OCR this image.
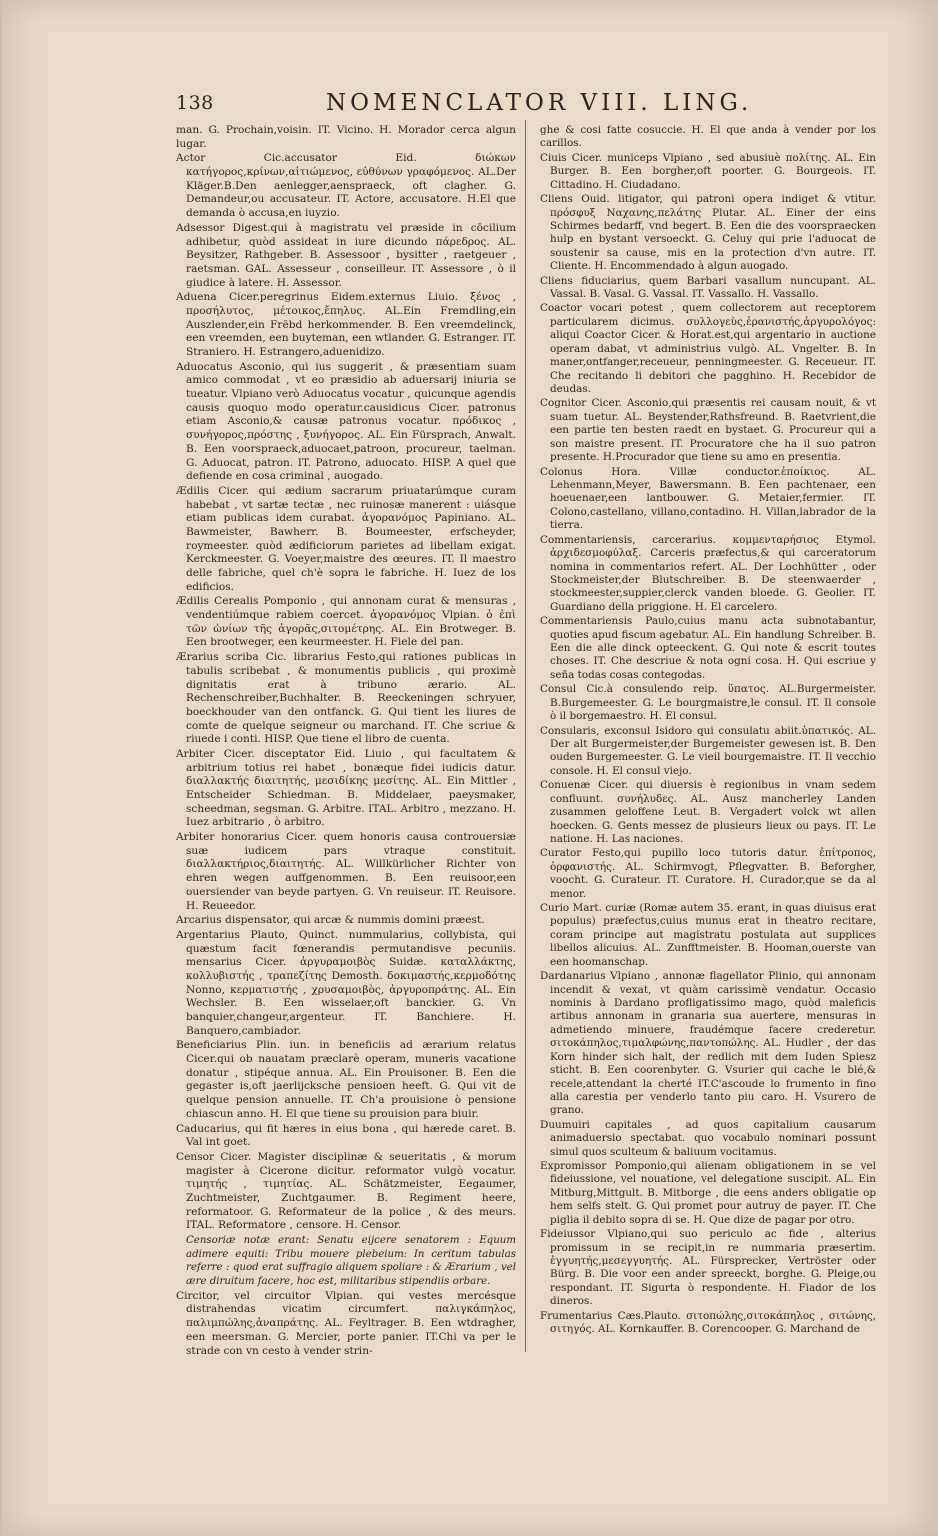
138	NOMENCLATOR VIII. LING.

man. G. Prochain,voisin. IT. Vicino. H. Morador cerca algun lugar.

Actor Cic.accusator Eid. διώκων κατήγορος,κρίνων,αἰτιώμενος, εὐθύνων γραφόμενος. AL.Der Kläger.B.Den aenlegger,aensprаeck, oft clagher. G. Demandeur,ou accusateur. IT. Actore, accusatore. H.El que demanda ò accusa,en iuyzio.

Adsessor Digest.qui à magistratu vel præside in cōcilium adhibetur, quòd assideat in iure dicundo πάρεδρος. AL. Beysitzer, Rathgeber. B. Assessoor , bysitter , raetgeuer , raetsman. GAL. Assesseur , conseilleur. IT. Assessore , ò il giudice à latere. H. Assessor.

Aduena Cicer.peregrinus Eidem.externus Liuio. ξένος , προσήλυτος, μέτοικος,ἔπηλυς. AL.Ein Fremdling,ein Auszlender,ein Frēbd herkommender. B. Een vreemdelinck, een vreemden, een buyteman, een wtlander. G. Estranger. IT. Straniero. H. Estrangero,aduenidizo.

Aduocatus Asconio, qui ius suggerit , & præsentiam suam amico commodat , vt eo præsidio ab aduersarij iniuria se tueatur. Vlpiano verò Aduocatus vocatur , quicunque agendis causis quoquo modo operatur.causidicus Cicer. patronus etiam Asconio,& causæ patronus vocatur. πρόδικος , συνήγορος,πρόστης , ξυνήγορος. AL. Ein Fürsprach, Anwalt. B. Een voorspraeck,aduocaet,patroon, procureur, taelman. G. Aduocat, patron. IT. Patrono, aduocato. HISP. A quel que defiende en cosa criminal , auogado.

Ædilis Cicer. qui ædium sacrarum priuatarúmque curam habebat , vt sartæ tectæ , nec ruinosæ manerent : uiásque etiam publicas idem curabat. ἀγορανόμος Papiniano. AL. Bawmeister, Bawherr. B. Boumeester, erfscheyder, roymeester. quòd ædificiorum parietes ad libellam exigat. Kerckmeester. G. Voeyer,maistre des œeures. IT. Il maestro delle fabriche, quel ch'è sopra le fabriche. H. Iuez de los edificios.

Ædilis Cerealis Pomponio , qui annonam curat & mensuras , vendentiúmque rabiem coercet. ἀγορανόμος Vlpian. ὁ ἐπὶ τῶν ὠνίων τῆς ἀγορᾶς,σιτομέτρης. AL. Ein Brotweger. B. Een brootweger, een keurmeester. H. Fiele del pan.

Ærarius scriba Cic. librarius Festo,qui rationes publicas in tabulis scribebat , & monumentis publicis , qui proximè dignitatis erat à tribuno ærario. AL. Rechenschreiber,Buchhalter. B. Reeckeningen schryuer, boeckhouder van den ontfanck. G. Qui tient les liures de comte de quelque seigneur ou marchand. IT. Che scriue & riuede i conti. HISP. Que tiene el libro de cuenta.

Arbiter Cicer. disceptator Eid. Liuio , qui facultatem & arbitrium totius rei habet , bonæque fidei iudicis datur. διαλλακτής διαιτητής, μεσιδίκης μεσίτης. AL. Ein Mittler , Entscheider Schiedman. B. Middelaer, paeysmaker, scheedman, segsman. G. Arbitre. ITAL. Arbitro , mezzano. H. Iuez arbitrario , ò arbitro.

Arbiter honorarius Cicer. quem honoris causa controuersiæ suæ iudicem pars vtraque constituit. διαλλακτήριος,διαιτητής. AL. Willkürlicher Richter von ehren wegen auffgenommen. B. Een reuisoor,een ouersiender van beyde partyen. G. Vn reuiseur. IT. Reuisore. H. Reueedor.

Arcarius dispensator, qui arcæ & nummis domini præest.

Argentarius Plauto, Quinct. nummularius, collybista, qui quæstum facit fœnerandis permutandisve pecuniis. mensarius Cicer. ἀργυραμοιβὸς Suidæ. καταλλάκτης, κολλυβιστής , τραπεζίτης Demosth. δοκιμαστής,κερμοδότης Nonno, κερματιστής , χρυσαμοιβὸς, ἀργυροπράτης. AL. Ein Wechsler. B. Een wisselaer,oft banckier. G. Vn banquier,changeur,argenteur. IT. Banchiere. H. Banquero,cambiador.

Beneficiarius Plin. iun. in beneficiis ad ærarium relatus Cicer.qui ob nauatam præclarè operam, muneris vacatione donatur , stipéque annua. AL. Ein Prouisoner. B. Een die gegaster is,oft jaerlijcksche pensioen heeft. G. Qui vit de quelque pension annuelle. IT. Ch'a prouisione ò pensione chiascun anno. H. El que tiene su prouision para biuir.

Caducarius, qui fit hæres in eius bona , qui hærede caret. B. Val int goet.

Censor Cicer. Magister disciplinæ & seueritatis , & morum magister à Cicerone dicitur. reformator vulgò vocatur. τιμητής , τιμητίας. AL. Schätzmeister, Eegaumer, Zuchtmeister, Zuchtgaumer. B. Regiment heere, reformatoor. G. Reformateur de la police , & des meurs. ITAL. Reformatore , censore. H. Censor.

Censoriæ notæ erant: Senatu eijcere senatorem : Equum adimere equiti: Tribu mouere plebeium: In ceritum tabulas referre : quod erat suffragio aliquem spoliare : & Ærarium , vel ære diruitum facere, hoc est, militaribus stipendiis orbare.

Circitor, vel circuitor Vlpian. qui vestes mercésque distrahendas vicatim circumfert. παλιγκάπηλος, παλιμπώλης,ἀναπράτης. AL. Feyltrager. B. Een wtdragher, een meersman. G. Mercier, porte panier. IT.Chi va per le strade con vn cesto à vender strin-

ghe & cosi fatte cosuccie. H. El que anda à vender por los carillos.

Ciuis Cicer. municeps Vlpiano , sed abusiuè πολίτης. AL. Ein Burger. B. Een borgher,oft poorter. G. Bourgeois. IT. Cittadino. H. Ciudadano.

Cliens Ouid. litigator, qui patroni opera indiget & vtitur. πρόσφυξ Ναχανης,πελάτης Plutar. AL. Einer der eins Schirmes bedarff, vnd begert. B. Een die des voorspraecken hulp en bystant versoeckt. G. Celuy qui prie l'aduocat de soustenir sa cause, mis en la protection d'vn autre. IT. Cliente. H. Encommendado à algun auogado.

Cliens fiduciarius, quem Barbari vasallum nuncupant. AL. Vassal. B. Vasal. G. Vassal. IT. Vassallo. H. Vassallo.

Coactor vocari potest , quem collectorem aut receptorem particularem dicimus. συλλογεὺς,ἐρανιστής,ἀργυρολόγος: aliqui Coactor Cicer. & Horat.est,qui argentario in auctione operam dabat, vt administrius vulgò. AL. Vngelter. B. In maner,ontfanger,receueur, penningmeester. G. Receueur. IT. Che recitando li debitori che pagghino. H. Recebidor de deudas.

Cognitor Cicer. Asconio,qui præsentis rei causam nouit, & vt suam tuetur. AL. Beystender,Rathsfreund. B. Raetvrient,die een partie ten besten raedt en bystaet. G. Procureur qui a son maistre present. IT. Procuratore che ha il suo patron presente. H.Procurador que tiene su amo en presentia.

Colonus Hora. Villæ conductor.ἐποίκιος. AL. Lehenmann,Meyer, Bawersmann. B. Een pachtenaer, een hoeuenaer,een lantbouwer. G. Metaier,fermier. IT. Colono,castellano, villano,contadino. H. Villan,labrador de la tierra.

Commentariensis, carcerarius. κομμενταρήσιος Etymol. ἀρχιδεσμοφύλαξ. Carceris præfectus,& qui carceratorum nomina in commentarios refert. AL. Der Lochhütter , oder Stockmeister,der Blutschreiber. B. De steenwaerder , stockmeester,suppier,clerck vanden bloede. G. Geolier. IT. Guardiano della priggione. H. El carcelero.

Commentariensis Paulo,cuius manu acta subnotabantur, quoties apud fiscum agebatur. AL. Ein handlung Schreiber. B. Een die alle dinck opteeckent. G. Qui note & escrit toutes choses. IT. Che descriue & nota ogni cosa. H. Qui escriue y seña todas cosas contegodas.

Consul Cic.à consulendo reip. ὕπατος. AL.Burgermeister. B.Burgemeester. G. Le bourgmaistre,le consul. IT. Il console ò il borgemaestro. H. El consul.

Consularis, exconsul Isidoro qui consulatu abiit.ὑπατικός. AL. Der alt Burgermeister,der Burgemeister gewesen ist. B. Den ouden Burgemeester. G. Le vieil bourgemaistre. IT. Il vecchio console. H. El consul viejo.

Conuenæ Cicer. qui diuersis è regionibus in vnam sedem confluunt. συνήλυδες. AL. Ausz mancherley Landen zusammen geloffene Leut. B. Vergadert volck wt allen hoecken. G. Gents messez de plusieurs lieux ou pays. IT. Le natione. H. Las naciones.

Curator Festo,qui pupillo loco tutoris datur. ἐπίτροπος, ὀρφανιστής. AL. Schirmvogt, Pflegvatter. B. Beforgher, voocht. G. Curateur. IT. Curatore. H. Curador,que se da al menor.

Curio Mart. curiæ (Romæ autem 35. erant, in quas diuisus erat populus) præfectus,cuius munus erat in theatro recitare, coram principe aut magistratu postulata aut supplices libellos alicuius. AL. Zunfftmeister. B. Hooman,ouerste van een hoomanschap.

Dardanarius Vlpiano , annonæ flagellator Plinio, qui annonam incendit & vexat, vt quàm carissimè vendatur. Occasio nominis à Dardano profligatissimo mago, quòd maleficis artibus annonam in granaria sua auertere, mensuras in admetiendo minuere, fraudémque facere crederetur. σιτοκάπηλος,τιμαλφώνης,παντοπώλης. AL. Hudler , der das Korn hinder sich halt, der redlich mit dem Iuden Spiesz sticht. B. Een coorenbyter. G. Vsurier qui cache le blé,& recele,attendant la cherté IT.C'ascoude lo frumento in fino alla carestia per venderlo tanto piu caro. H. Vsurero de grano.

Duumuiri capitales , ad quos capitalium causarum animaduersio spectabat. quo vocabulo nominari possunt simul quos sculteum & baliuum vocitamus.

Expromissor Pomponio,qui alienam obligationem in se vel fideiussione, vel nouatione, vel delegatione suscipit. AL. Ein Mitburg,Mittgult. B. Mitborge , die eens anders obligatie op hem selfs stelt. G. Qui promet pour autruy de payer. IT. Che piglia il debito sopra di se. H. Que dize de pagar por otro.

Fideiussor Vlpiano,qui suo periculo ac fide , alterius promissum in se recipit,in re nummaria præsertim. ἐγγυητής,μεσεγγυητής. AL. Fürsprecker, Vertröster oder Bürg. B. Die voor een ander spreeckt, borghe. G. Pleige,ou respondant. IT. Sigurta ò respondente. H. Fiador de los dineros.

Frumentarius Cæs.Plauto. σιτοπώλης,σιτοκάπηλος , σιτώνης, σιτηγός. AL. Kornkauffer. B. Corencooper. G. Marchand de
